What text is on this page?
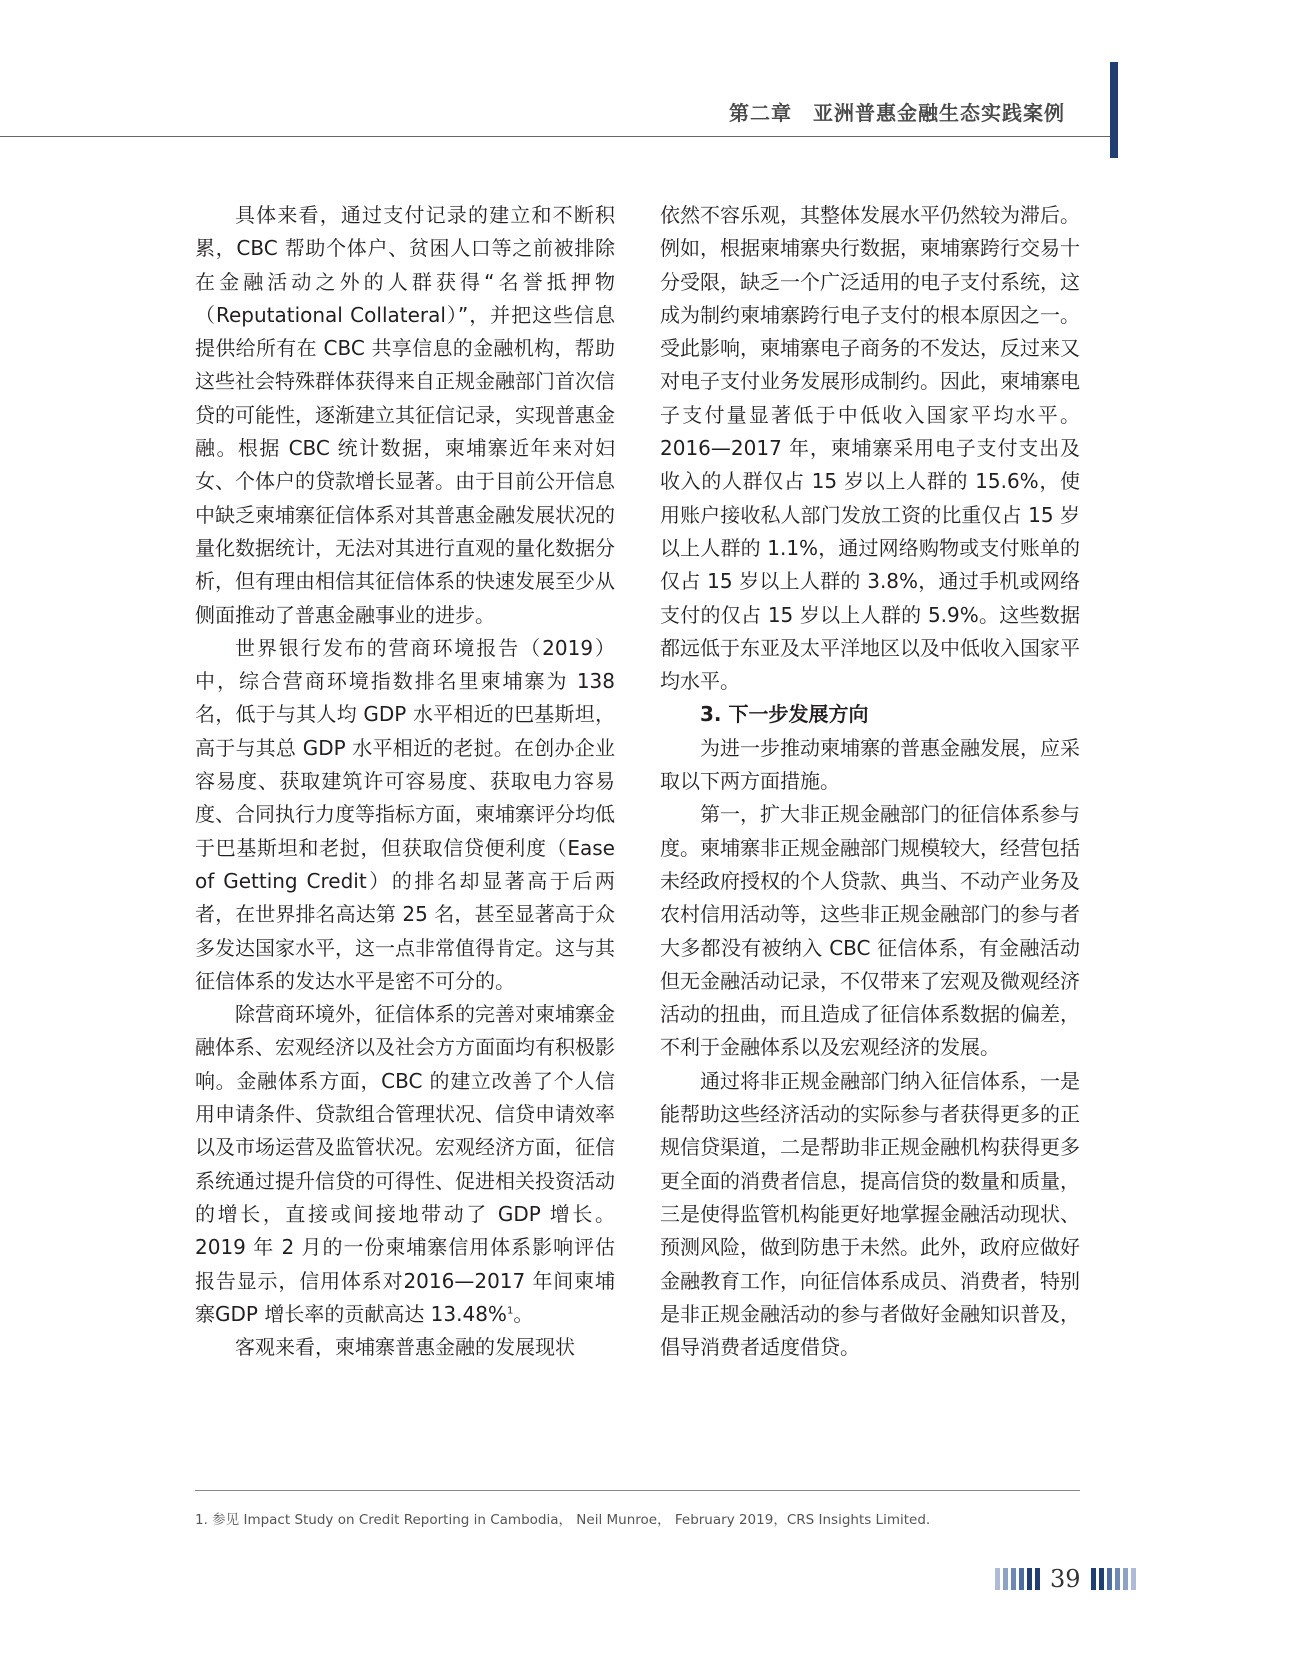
第二章　亚洲普惠金融生态实践案例

具体来看，通过支付记录的建立和不断积累，CBC 帮助个体户、贫困人口等之前被排除在金融活动之外的人群获得“名誉抵押物（Reputational Collateral）”，并把这些信息提供给所有在 CBC 共享信息的金融机构，帮助这些社会特殊群体获得来自正规金融部门首次信贷的可能性，逐渐建立其征信记录，实现普惠金融。根据 CBC 统计数据，柬埔寨近年来对妇女、个体户的贷款增长显著。由于目前公开信息中缺乏柬埔寨征信体系对其普惠金融发展状况的量化数据统计，无法对其进行直观的量化数据分析，但有理由相信其征信体系的快速发展至少从侧面推动了普惠金融事业的进步。

世界银行发布的营商环境报告（2019）中，综合营商环境指数排名里柬埔寨为 138 名，低于与其人均 GDP 水平相近的巴基斯坦，高于与其总 GDP 水平相近的老挝。在创办企业容易度、获取建筑许可容易度、获取电力容易度、合同执行力度等指标方面，柬埔寨评分均低于巴基斯坦和老挝，但获取信贷便利度（Ease of Getting Credit）的排名却显著高于后两者，在世界排名高达第 25 名，甚至显著高于众多发达国家水平，这一点非常值得肯定。这与其征信体系的发达水平是密不可分的。

除营商环境外，征信体系的完善对柬埔寨金融体系、宏观经济以及社会方方面面均有积极影响。金融体系方面，CBC 的建立改善了个人信用申请条件、贷款组合管理状况、信贷申请效率以及市场运营及监管状况。宏观经济方面，征信系统通过提升信贷的可得性、促进相关投资活动的增长，直接或间接地带动了 GDP 增长。2019 年 2 月的一份柬埔寨信用体系影响评估报告显示，信用体系对2016—2017 年间柬埔寨GDP 增长率的贡献高达 13.48%$^1$。

客观来看，柬埔寨普惠金融的发展现状

依然不容乐观，其整体发展水平仍然较为滞后。例如，根据柬埔寨央行数据，柬埔寨跨行交易十分受限，缺乏一个广泛适用的电子支付系统，这成为制约柬埔寨跨行电子支付的根本原因之一。受此影响，柬埔寨电子商务的不发达，反过来又对电子支付业务发展形成制约。因此，柬埔寨电子支付量显著低于中低收入国家平均水平。2016—2017 年，柬埔寨采用电子支付支出及收入的人群仅占 15 岁以上人群的 15.6%，使用账户接收私人部门发放工资的比重仅占 15 岁以上人群的 1.1%，通过网络购物或支付账单的仅占 15 岁以上人群的 3.8%，通过手机或网络支付的仅占 15 岁以上人群的 5.9%。这些数据都远低于东亚及太平洋地区以及中低收入国家平均水平。

3. 下一步发展方向

为进一步推动柬埔寨的普惠金融发展，应采取以下两方面措施。

第一，扩大非正规金融部门的征信体系参与度。柬埔寨非正规金融部门规模较大，经营包括未经政府授权的个人贷款、典当、不动产业务及农村信用活动等，这些非正规金融部门的参与者大多都没有被纳入 CBC 征信体系，有金融活动但无金融活动记录，不仅带来了宏观及微观经济活动的扭曲，而且造成了征信体系数据的偏差，不利于金融体系以及宏观经济的发展。

通过将非正规金融部门纳入征信体系，一是能帮助这些经济活动的实际参与者获得更多的正规信贷渠道，二是帮助非正规金融机构获得更多更全面的消费者信息，提高信贷的数量和质量，三是使得监管机构能更好地掌握金融活动现状、预测风险，做到防患于未然。此外，政府应做好金融教育工作，向征信体系成员、消费者，特别是非正规金融活动的参与者做好金融知识普及，倡导消费者适度借贷。

1. 参见 Impact Study on Credit Reporting in Cambodia， Neil Munroe， February 2019，CRS Insights Limited.
39
